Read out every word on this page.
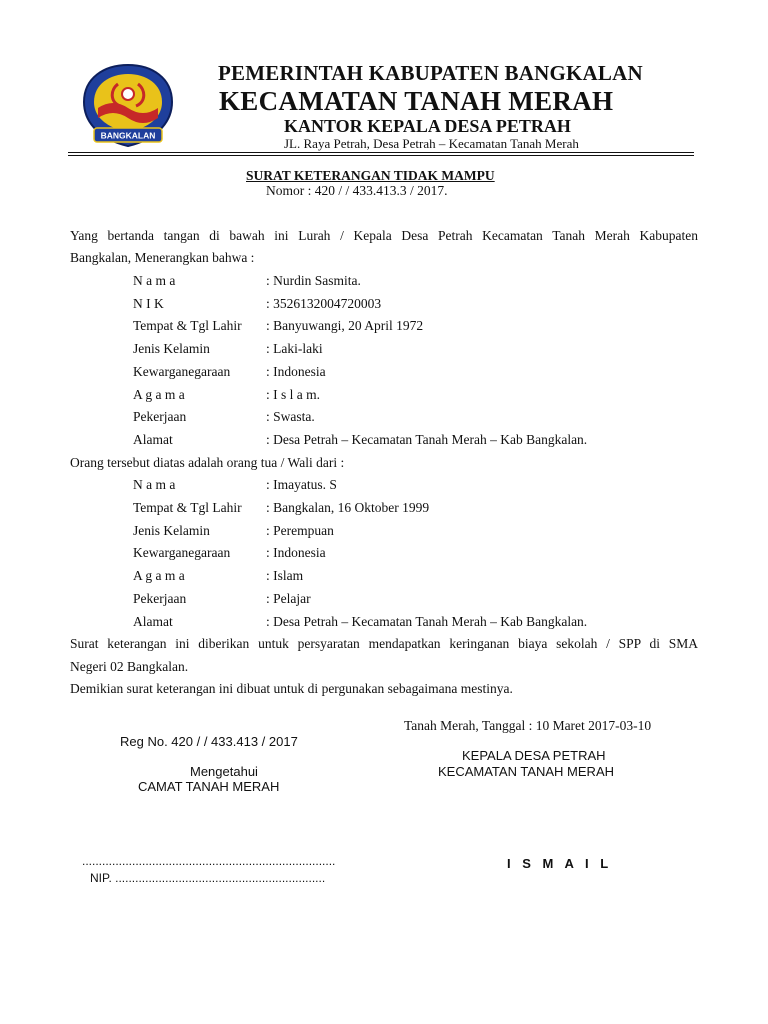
BANGKALAN
PEMERINTAH KABUPATEN BANGKALAN
KECAMATAN TANAH MERAH
KANTOR KEPALA DESA PETRAH
JL. Raya Petrah, Desa Petrah – Kecamatan Tanah Merah
SURAT KETERANGAN TIDAK MAMPU
Nomor : 420 / / 433.413.3 / 2017.
Yang bertanda tangan di bawah ini Lurah / Kepala Desa Petrah Kecamatan Tanah Merah Kabupaten
Bangkalan, Menerangkan bahwa :
N a m a	: Nurdin Sasmita.
N I K	: 3526132004720003
Tempat & Tgl Lahir : Banyuwangi, 20 April 1972
Jenis Kelamin	: Laki-laki
Kewarganegaraan	: Indonesia
A g a m a	: I s l a m.
Pekerjaan	: Swasta.
Alamat	: Desa Petrah – Kecamatan Tanah Merah – Kab Bangkalan.
Orang tersebut diatas adalah orang tua / Wali dari :
N a m a	: Imayatus. S
Tempat & Tgl Lahir : Bangkalan, 16 Oktober 1999
Jenis Kelamin	: Perempuan
Kewarganegaraan	: Indonesia
A g a m a	: Islam
Pekerjaan	: Pelajar
Alamat	: Desa Petrah – Kecamatan Tanah Merah – Kab Bangkalan.
Surat keterangan ini diberikan untuk persyaratan mendapatkan keringanan biaya sekolah / SPP di SMA
Negeri 02 Bangkalan.
Demikian surat keterangan ini dibuat untuk di pergunakan sebagaimana mestinya.
Tanah Merah, Tanggal : 10 Maret 2017-03-10
Reg No. 420 / / 433.413 / 2017
KEPALA DESA PETRAH
KECAMATAN TANAH MERAH
Mengetahui
CAMAT TANAH MERAH
............................................................................
NIP. ...............................................................
I S M A I L
